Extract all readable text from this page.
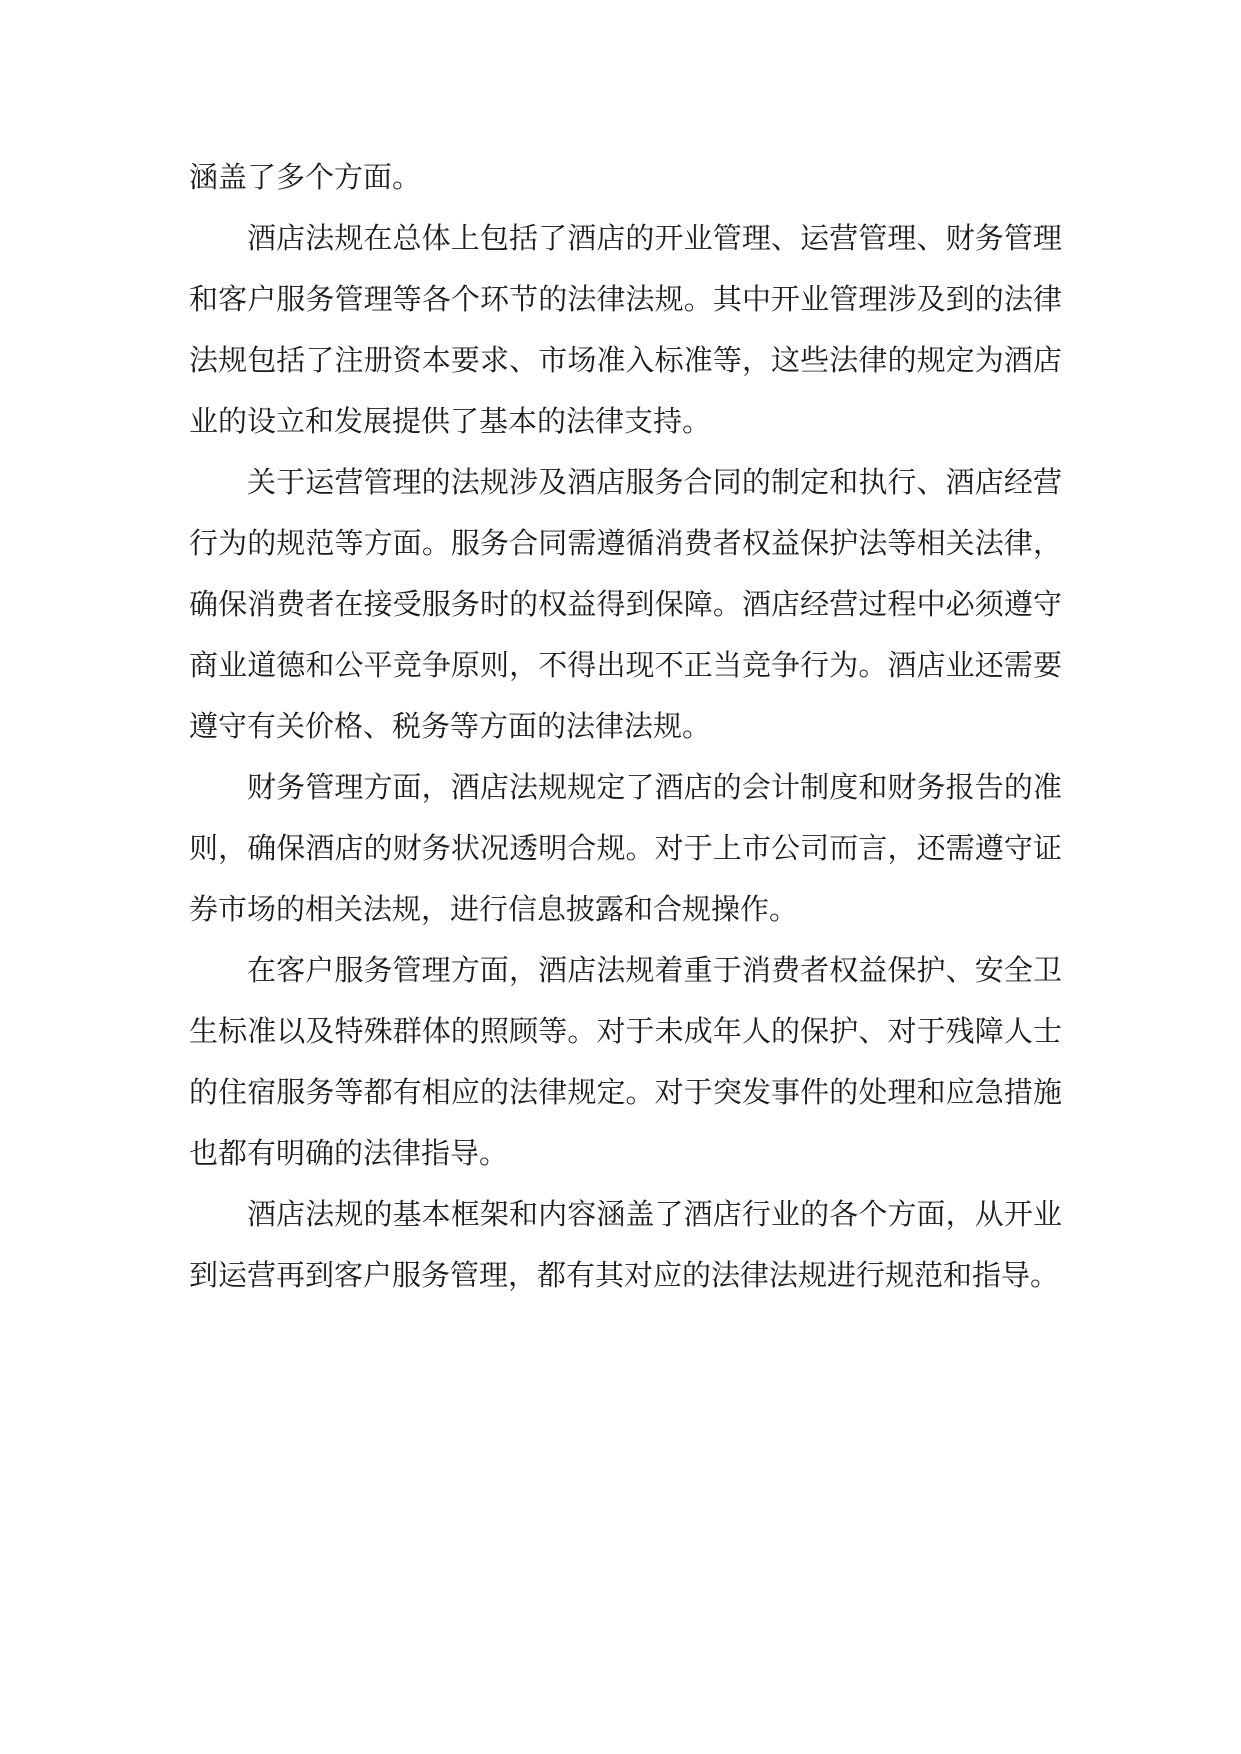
涵盖了多个方面。

酒店法规在总体上包括了酒店的开业管理、运营管理、财务管理和客户服务管理等各个环节的法律法规。其中开业管理涉及到的法律法规包括了注册资本要求、市场准入标准等，这些法律的规定为酒店业的设立和发展提供了基本的法律支持。

关于运营管理的法规涉及酒店服务合同的制定和执行、酒店经营行为的规范等方面。服务合同需遵循消费者权益保护法等相关法律，确保消费者在接受服务时的权益得到保障。酒店经营过程中必须遵守商业道德和公平竞争原则，不得出现不正当竞争行为。酒店业还需要遵守有关价格、税务等方面的法律法规。

财务管理方面，酒店法规规定了酒店的会计制度和财务报告的准则，确保酒店的财务状况透明合规。对于上市公司而言，还需遵守证券市场的相关法规，进行信息披露和合规操作。

在客户服务管理方面，酒店法规着重于消费者权益保护、安全卫生标准以及特殊群体的照顾等。对于未成年人的保护、对于残障人士的住宿服务等都有相应的法律规定。对于突发事件的处理和应急措施也都有明确的法律指导。

酒店法规的基本框架和内容涵盖了酒店行业的各个方面，从开业到运营再到客户服务管理，都有其对应的法律法规进行规范和指导。
